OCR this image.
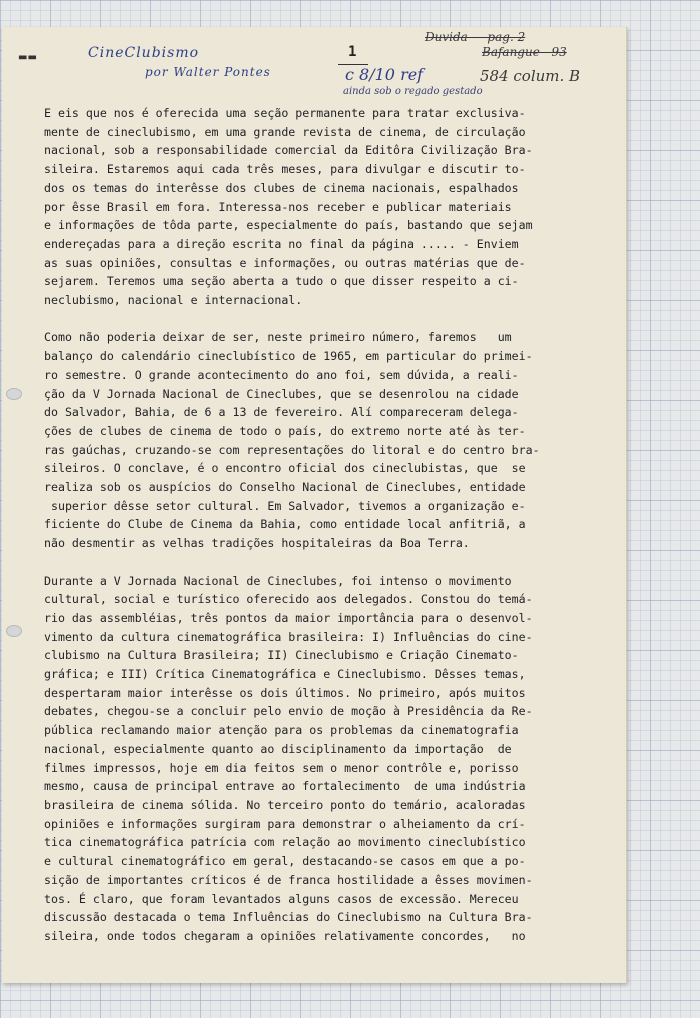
▬▬	CineClubismo
por Walter Pontes
1
Duvida — pag. 2
Bafangue - 93
c 8/10 ref	584 colum. B
ainda sob o regado gestado
E eis que nos é oferecida uma seção permanente para tratar exclusiva-
mente de cineclubismo, em uma grande revista de cinema, de circulação
nacional, sob a responsabilidade comercial da Editôra Civilização Bra-
sileira. Estaremos aqui cada três meses, para divulgar e discutir to-
dos os temas do interêsse dos clubes de cinema nacionais, espalhados
por êsse Brasil em fora. Interessa-nos receber e publicar materiais
e informações de tôda parte, especialmente do país, bastando que sejam
endereçadas para a direção escrita no final da página ..... - Enviem
as suas opiniões, consultas e informações, ou outras matérias que de-
sejarem. Teremos uma seção aberta a tudo o que disser respeito a ci-
neclubismo, nacional e internacional.
Como não poderia deixar de ser, neste primeiro número, faremos   um
balanço do calendário cineclubístico de 1965, em particular do primei-
ro semestre. O grande acontecimento do ano foi, sem dúvida, a reali-
ção da V Jornada Nacional de Cineclubes, que se desenrolou na cidade
do Salvador, Bahia, de 6 a 13 de fevereiro. Alí compareceram delega-
ções de clubes de cinema de todo o país, do extremo norte até às ter-
ras gaúchas, cruzando-se com representações do litoral e do centro bra-
sileiros. O conclave, é o encontro oficial dos cineclubistas, que  se
realiza sob os auspícios do Conselho Nacional de Cineclubes, entidade
superior dêsse setor cultural. Em Salvador, tivemos a organização e-
ficiente do Clube de Cinema da Bahia, como entidade local anfitriã, a
não desmentir as velhas tradições hospitaleiras da Boa Terra.
Durante a V Jornada Nacional de Cineclubes, foi intenso o movimento
cultural, social e turístico oferecido aos delegados. Constou do temá-
rio das assembléias, três pontos da maior importância para o desenvol-
vimento da cultura cinematográfica brasileira: I) Influências do cine-
clubismo na Cultura Brasileira; II) Cineclubismo e Criação Cinemato-
gráfica; e III) Crítica Cinematográfica e Cineclubismo. Dêsses temas,
despertaram maior interêsse os dois últimos. No primeiro, após muitos
debates, chegou-se a concluir pelo envio de moção à Presidência da Re-
pública reclamando maior atenção para os problemas da cinematografia
nacional, especialmente quanto ao disciplinamento da importação  de
filmes impressos, hoje em dia feitos sem o menor contrôle e, porisso
mesmo, causa de principal entrave ao fortalecimento  de uma indústria
brasileira de cinema sólida. No terceiro ponto do temário, acaloradas
opiniões e informações surgiram para demonstrar o alheiamento da crí-
tica cinematográfica patrícia com relação ao movimento cineclubístico
e cultural cinematográfico em geral, destacando-se casos em que a po-
sição de importantes críticos é de franca hostilidade a êsses movimen-
tos. É claro, que foram levantados alguns casos de excessão. Mereceu
discussão destacada o tema Influências do Cineclubismo na Cultura Bra-
sileira, onde todos chegaram a opiniões relativamente concordes,   no
